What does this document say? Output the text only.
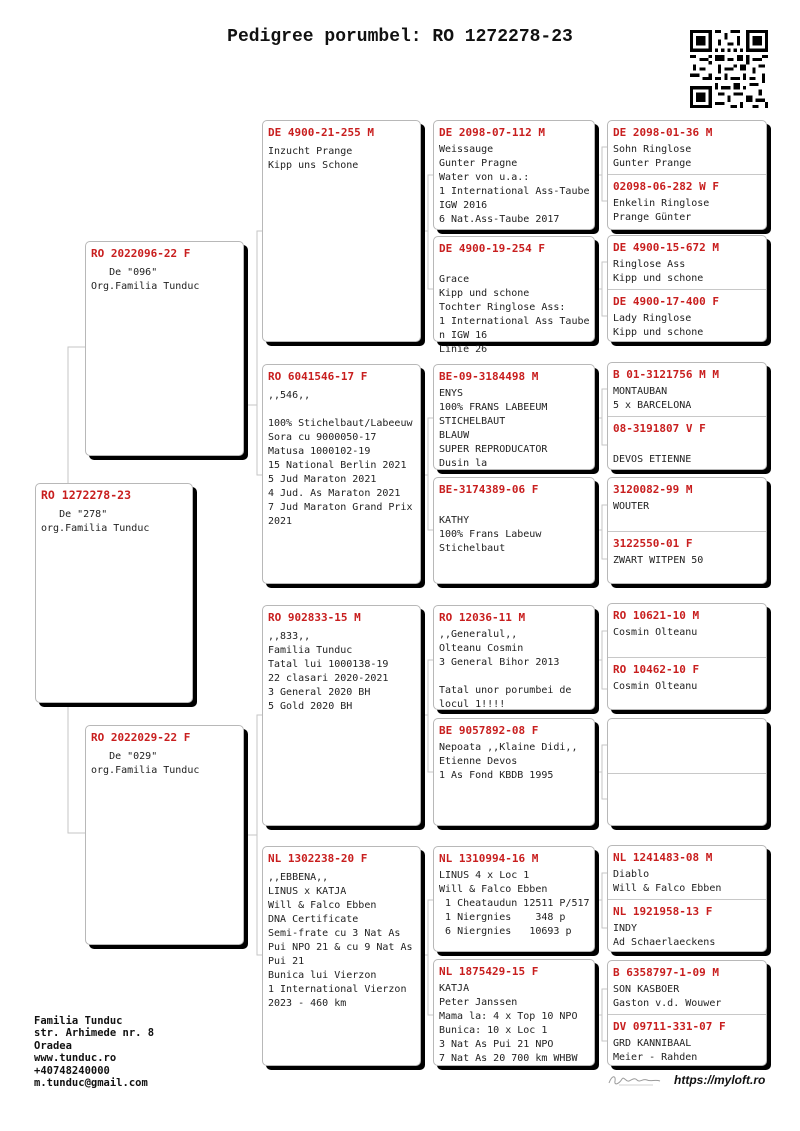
Pedigree porumbel: RO 1272278-23
RO 1272278-23
De "278"
org.Familia Tunduc
RO 2022096-22 F
De "096"
Org.Familia Tunduc
RO 2022029-22 F
De "029"
org.Familia Tunduc
DE 4900-21-255 M
Inzucht Prange
Kipp uns Schone
RO 6041546-17 F
,,546,,

100% Stichelbaut/Labeeuw
Sora cu 9000050-17
Matusa 1000102-19
15 National Berlin 2021
5 Jud Maraton 2021
4 Jud. As Maraton 2021
7 Jud Maraton Grand Prix
2021
RO 902833-15 M
,,833,,
Familia Tunduc
Tatal lui 1000138-19
22 clasari 2020-2021
3 General 2020 BH
5 Gold 2020 BH
NL 1302238-20 F
,,EBBENA,,
LINUS x KATJA
Will & Falco Ebben
DNA Certificate
Semi-frate cu 3 Nat As
Pui NPO 21 & cu 9 Nat As
Pui 21
Bunica lui Vierzon
1 International Vierzon
2023 - 460 km
DE 2098-07-112 M
Weissauge
Gunter Pragne
Water von u.a.:
1 International Ass-Taube IGW 2016
6 Nat.Ass-Taube 2017
DE 4900-19-254 F

Grace
Kipp und schone
Tochter Ringlose Ass:
1 International Ass Tauben IGW 16
Linie 26
BE-09-3184498 M
ENYS
100% FRANS LABEEUM
STICHELBAUT
BLAUW
SUPER REPRODUCATOR
Dusin la
BE-3174389-06 F

KATHY
100% Frans Labeuw
Stichelbaut
RO 12036-11 M
,,Generalul,,
Olteanu Cosmin
3 General Bihor 2013

Tatal unor porumbei de
locul 1!!!!
BE 9057892-08 F
Nepoata ,,Klaine Didi,,
Etienne Devos
1 As Fond KBDB 1995
NL 1310994-16 M
LINUS 4 x Loc 1
Will & Falco Ebben
1 Cheataudun 12511 P/517
1 Niergnies    348 p
6 Niergnies   10693 p
NL 1875429-15 F
KATJA
Peter Janssen
Mama la: 4 x Top 10 NPO
Bunica: 10 x Loc 1
3 Nat As Pui 21 NPO
7 Nat As 20 700 km WHBW
DE 2098-01-36 M
Sohn Ringlose
Gunter Prange
02098-06-282 W F
Enkelin Ringlose
Prange Günter
DE 4900-15-672 M
Ringlose Ass
Kipp und schone
DE 4900-17-400 F
Lady Ringlose
Kipp und schone
B 01-3121756 M M
MONTAUBAN
5 x BARCELONA
08-3191807 V F

DEVOS ETIENNE
3120082-99 M
WOUTER
3122550-01 F
ZWART WITPEN 50
RO 10621-10 M
Cosmin Olteanu
RO 10462-10 F
Cosmin Olteanu
NL 1241483-08 M
Diablo
Will & Falco Ebben
NL 1921958-13 F
INDY
Ad Schaerlaeckens
B 6358797-1-09 M
SON KASBOER
Gaston v.d. Wouwer
DV 09711-331-07 F
GRD KANNIBAAL
Meier - Rahden
Familia Tunduc
str. Arhimede nr. 8
Oradea
www.tunduc.ro
+40748240000
m.tunduc@gmail.com	https://myloft.ro
